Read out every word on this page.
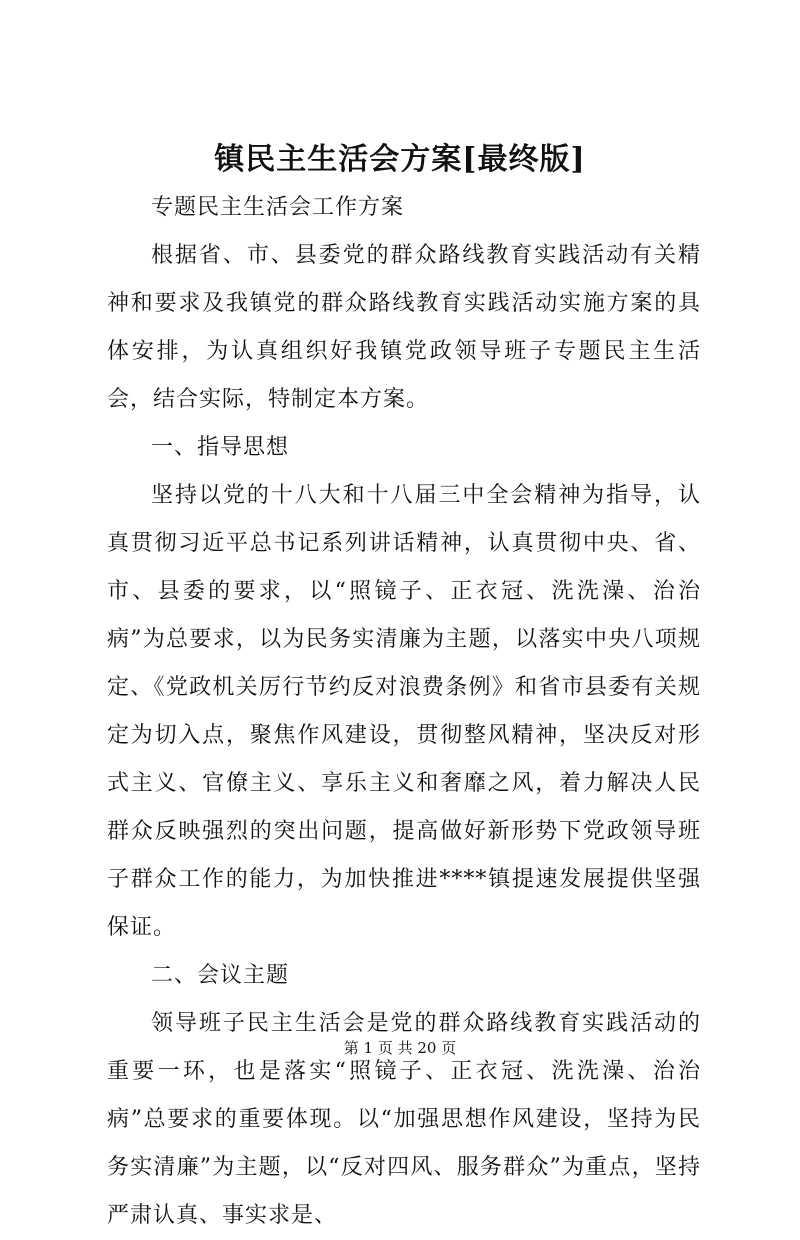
镇民主生活会方案[最终版]

专题民主生活会工作方案

根据省、市、县委党的群众路线教育实践活动有关精神和要求及我镇党的群众路线教育实践活动实施方案的具体安排，为认真组织好我镇党政领导班子专题民主生活会，结合实际，特制定本方案。

一、指导思想

坚持以党的十八大和十八届三中全会精神为指导，认真贯彻习近平总书记系列讲话精神，认真贯彻中央、省、市、县委的要求，以“照镜子、正衣冠、洗洗澡、治治病”为总要求，以为民务实清廉为主题，以落实中央八项规定、《党政机关厉行节约反对浪费条例》和省市县委有关规定为切入点，聚焦作风建设，贯彻整风精神，坚决反对形式主义、官僚主义、享乐主义和奢靡之风，着力解决人民群众反映强烈的突出问题，提高做好新形势下党政领导班子群众工作的能力，为加快推进****镇提速发展提供坚强保证。

二、会议主题

领导班子民主生活会是党的群众路线教育实践活动的重要一环，也是落实“照镜子、正衣冠、洗洗澡、治治病”总要求的重要体现。以“加强思想作风建设，坚持为民务实清廉”为主题，以“反对四风、服务群众”为重点，坚持严肃认真、事实求是、

第 1 页 共 20 页
